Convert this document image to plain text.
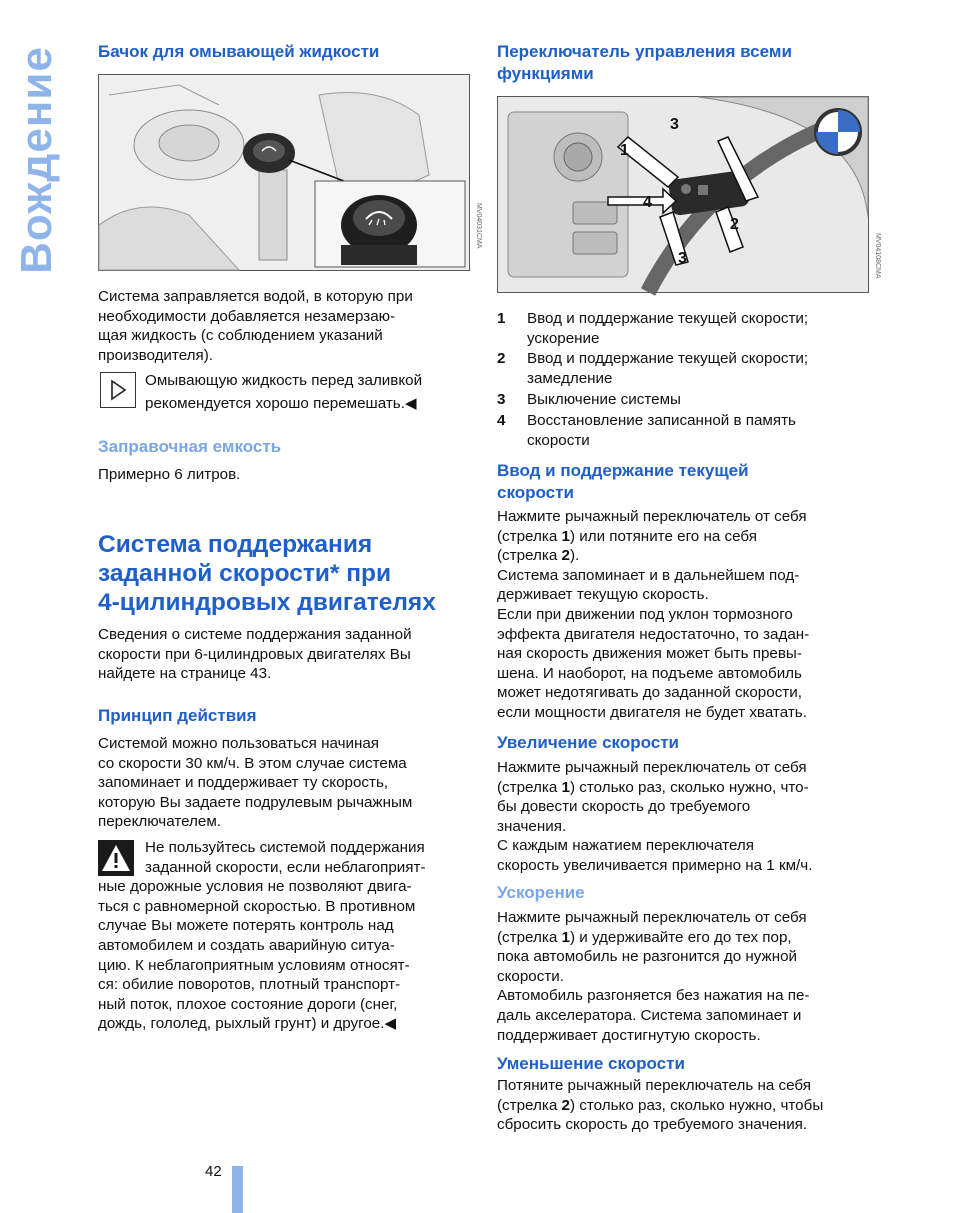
Вождение Бачок для омывающей жидкости
MV04031CMA

Система заправляется водой, в которую при
необходимости добавляется незамерзаю-
щая жидкость (с соблюдением указаний
производителя).

Омывающую жидкость перед заливкой
рекомендуется хорошо перемешать.◀

Заправочная емкость

Примерно 6 литров.

Система поддержания
заданной скорости* при
4-цилиндровых двигателях

Сведения о системе поддержания заданной
скорости при 6-цилиндровых двигателях Вы
найдете на странице 43.

Принцип действия

Системой можно пользоваться начиная
со скорости 30 км/ч. В этом случае система
запоминает и поддерживает ту скорость,
которую Вы задаете подрулевым рычажным
переключателем.

Не пользуйтесь системой поддержания
заданной скорости, если неблагоприят-
ные дорожные условия не позволяют двига-
ться с равномерной скоростью. В противном
случае Вы можете потерять контроль над
автомобилем и создать аварийную ситуа-
цию. К неблагоприятным условиям относят-
ся: обилие поворотов, плотный транспорт-
ный поток, плохое состояние дороги (снег,
дождь, гололед, рыхлый грунт) и другое.◀

Переключатель управления всеми
функциями
1
2
3
3
4
MV04108CMA
1 Ввод и поддержание текущей скорости;
ускорение
2 Ввод и поддержание текущей скорости;
замедление
3 Выключение системы
4 Восстановление записанной в память
скорости
Ввод и поддержание текущей
скорости

Нажмите рычажный переключатель от себя
(стрелка 1) или потяните его на себя
(стрелка 2).
Система запоминает и в дальнейшем под-
держивает текущую скорость.
Если при движении под уклон тормозного
эффекта двигателя недостаточно, то задан-
ная скорость движения может быть превы-
шена. И наоборот, на подъеме автомобиль
может недотягивать до заданной скорости,
если мощности двигателя не будет хватать.

Увеличение скорости

Нажмите рычажный переключатель от себя
(стрелка 1) столько раз, сколько нужно, что-
бы довести скорость до требуемого
значения.
С каждым нажатием переключателя
скорость увеличивается примерно на 1 км/ч.

Ускорение

Нажмите рычажный переключатель от себя
(стрелка 1) и удерживайте его до тех пор,
пока автомобиль не разгонится до нужной
скорости.
Автомобиль разгоняется без нажатия на пе-
даль акселератора. Система запоминает и
поддерживает достигнутую скорость.

Уменьшение скорости

Потяните рычажный переключатель на себя
(стрелка 2) столько раз, сколько нужно, чтобы
сбросить скорость до требуемого значения.

42
